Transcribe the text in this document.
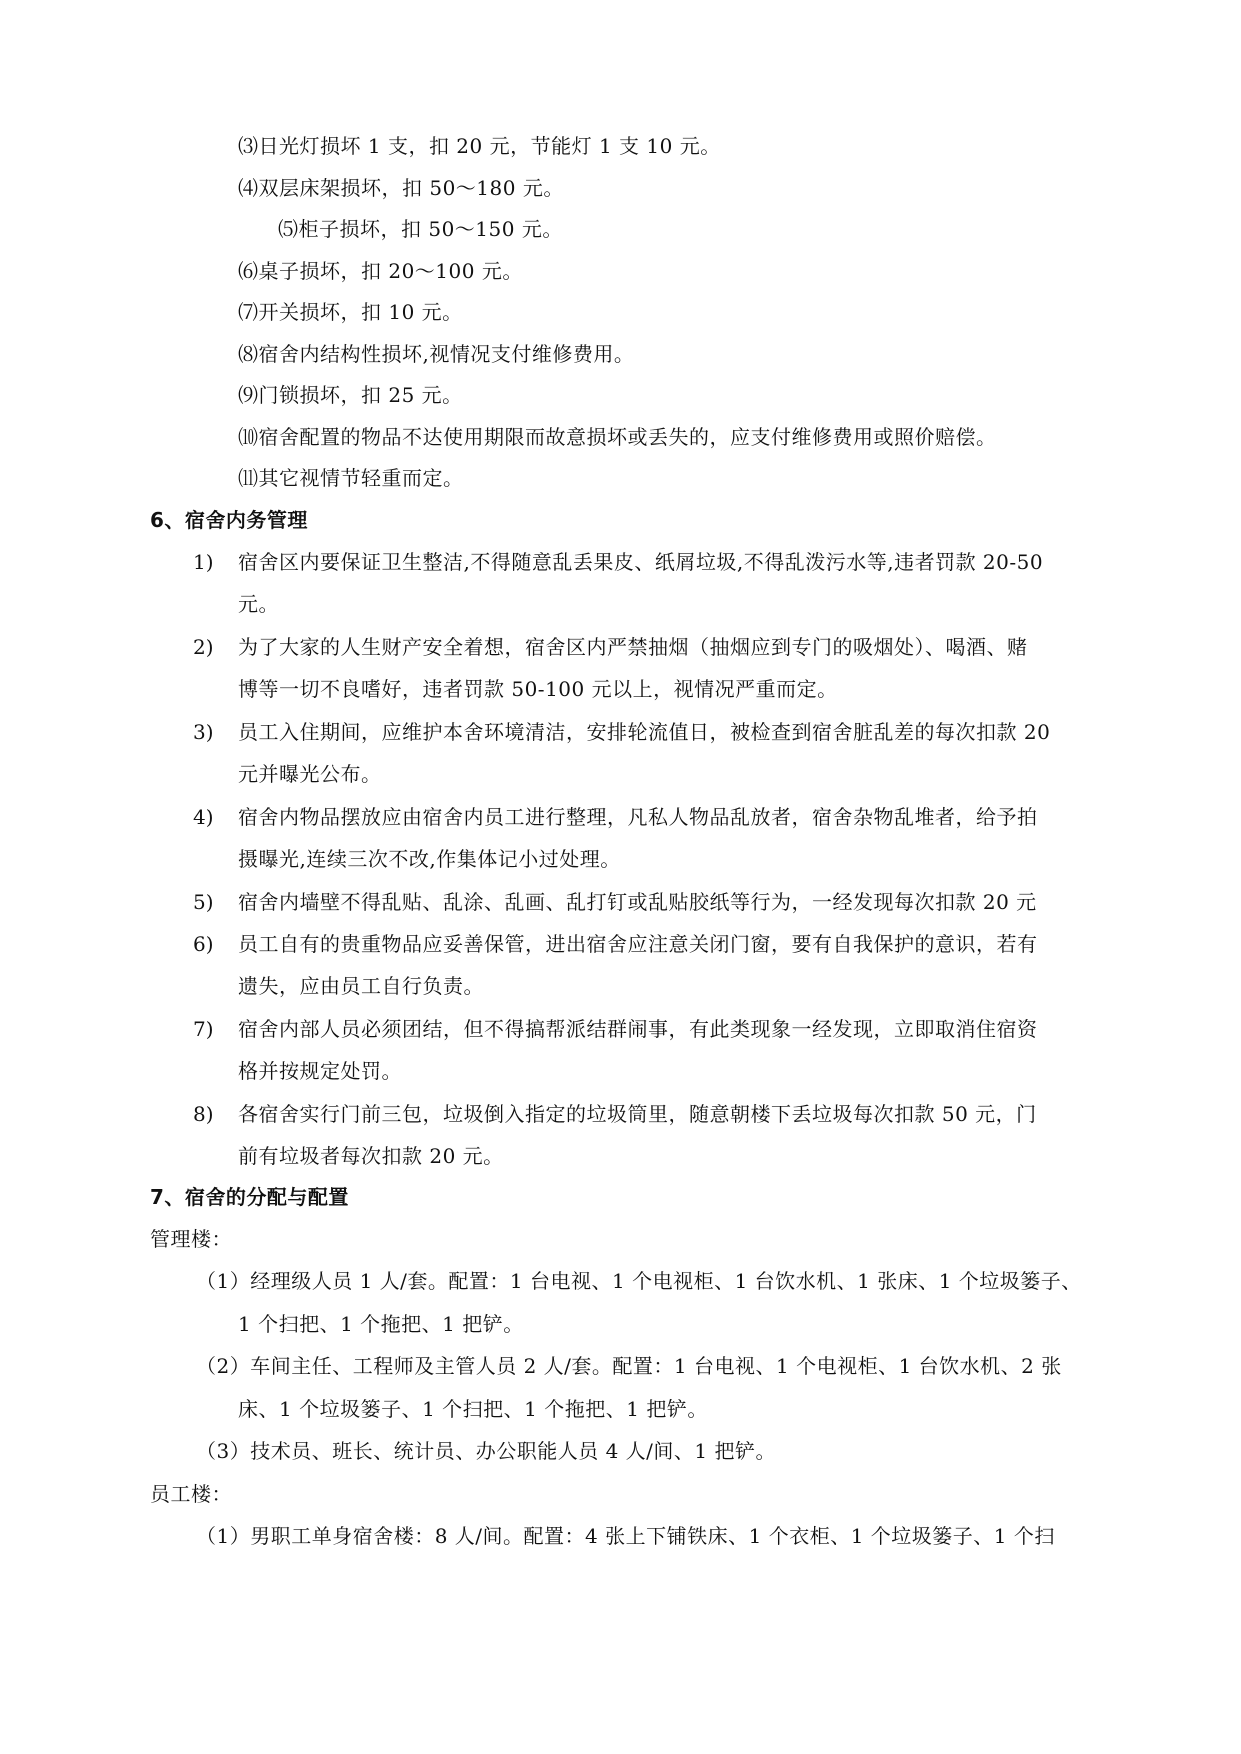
⑶日光灯损坏 1 支，扣 20 元，节能灯 1 支 10 元。
⑷双层床架损坏，扣 50～180 元。
⑸柜子损坏，扣 50～150 元。
⑹桌子损坏，扣 20～100 元。
⑺开关损坏，扣 10 元。
⑻宿舍内结构性损坏,视情况支付维修费用。
⑼门锁损坏，扣 25 元。
⑽宿舍配置的物品不达使用期限而故意损坏或丢失的，应支付维修费用或照价赔偿。
⑾其它视情节轻重而定。
6、宿舍内务管理
1) 宿舍区内要保证卫生整洁,不得随意乱丢果皮、纸屑垃圾,不得乱泼污水等,违者罚款 20-50
元。
2) 为了大家的人生财产安全着想，宿舍区内严禁抽烟（抽烟应到专门的吸烟处）、喝酒、赌
博等一切不良嗜好，违者罚款 50-100 元以上，视情况严重而定。
3) 员工入住期间，应维护本舍环境清洁，安排轮流值日，被检查到宿舍脏乱差的每次扣款 20
元并曝光公布。
4) 宿舍内物品摆放应由宿舍内员工进行整理，凡私人物品乱放者，宿舍杂物乱堆者，给予拍
摄曝光,连续三次不改,作集体记小过处理。
5) 宿舍内墙壁不得乱贴、乱涂、乱画、乱打钉或乱贴胶纸等行为，一经发现每次扣款 20 元
6) 员工自有的贵重物品应妥善保管，进出宿舍应注意关闭门窗，要有自我保护的意识，若有
遗失，应由员工自行负责。
7) 宿舍内部人员必须团结，但不得搞帮派结群闹事，有此类现象一经发现，立即取消住宿资
格并按规定处罚。
8) 各宿舍实行门前三包，垃圾倒入指定的垃圾筒里，随意朝楼下丢垃圾每次扣款 50 元，门
前有垃圾者每次扣款 20 元。
7、宿舍的分配与配置
管理楼：
（1）经理级人员 1 人/套。配置：1 台电视、1 个电视柜、1 台饮水机、1 张床、1 个垃圾篓子、
1 个扫把、1 个拖把、1 把铲。
（2）车间主任、工程师及主管人员 2 人/套。配置：1 台电视、1 个电视柜、1 台饮水机、2 张
床、1 个垃圾篓子、1 个扫把、1 个拖把、1 把铲。
（3）技术员、班长、统计员、办公职能人员 4 人/间、1 把铲。
员工楼：
（1）男职工单身宿舍楼：8 人/间。配置：4 张上下铺铁床、1 个衣柜、1 个垃圾篓子、1 个扫
